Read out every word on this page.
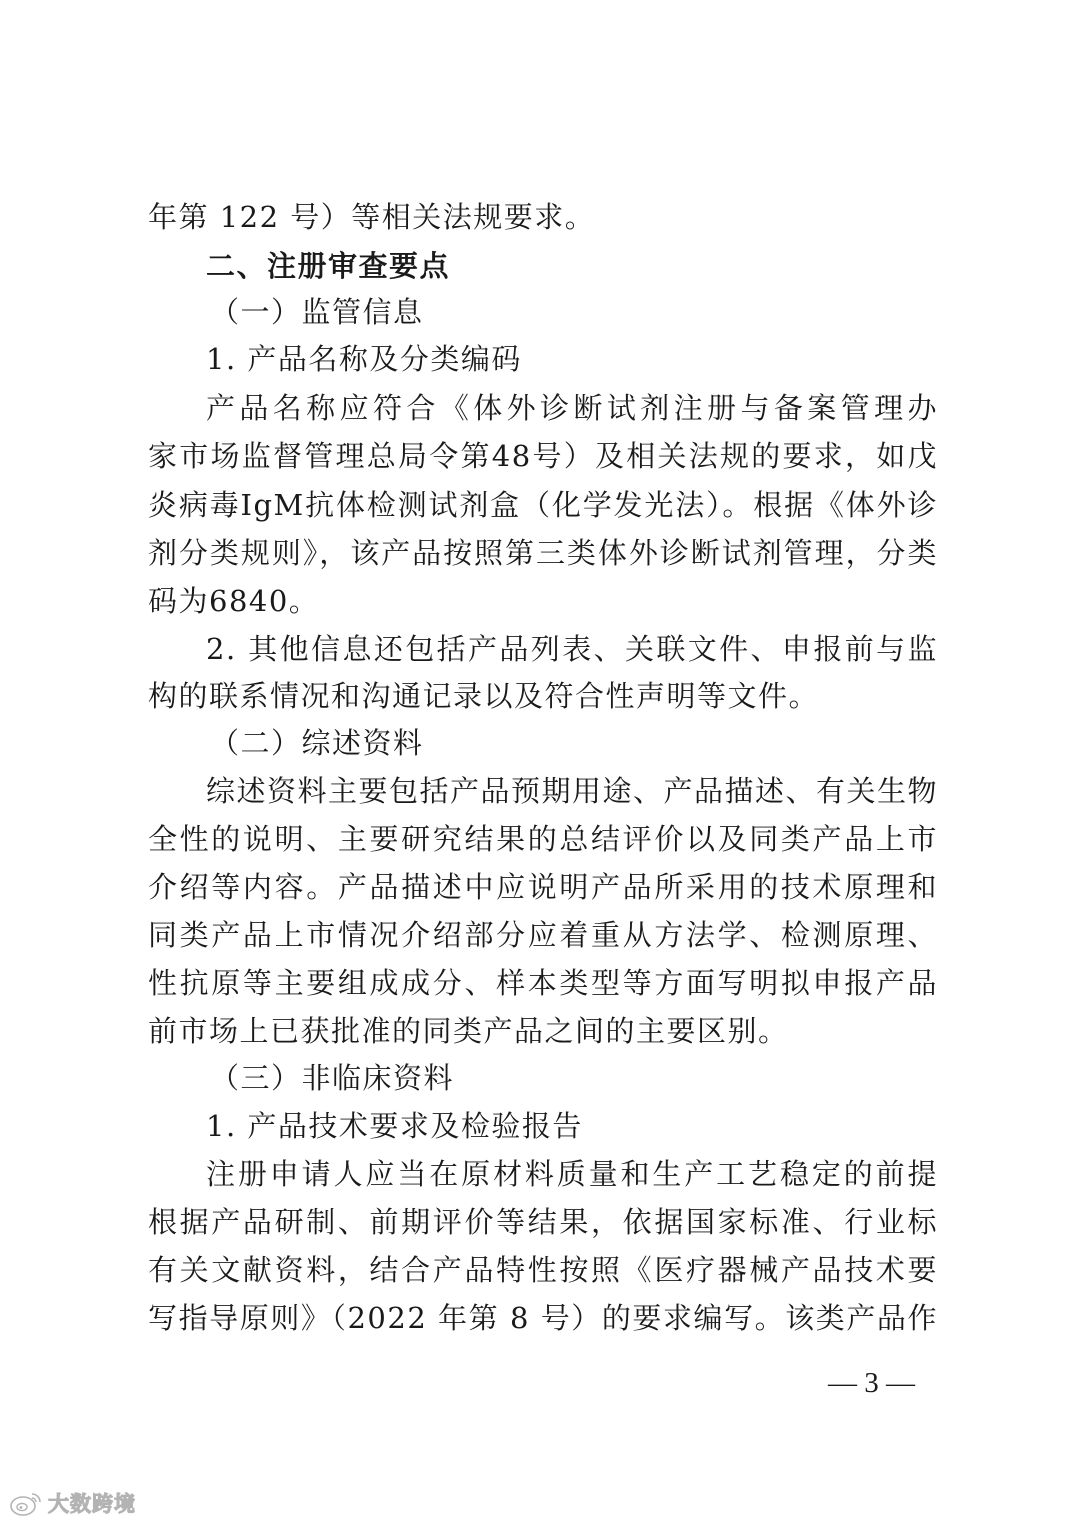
年第 122 号）等相关法规要求。
二、注册审查要点
（一）监管信息
1. 产品名称及分类编码
产品名称应符合《体外诊断试剂注册与备案管理办
家市场监督管理总局令第48号）及相关法规的要求，如戊
炎病毒IgM抗体检测试剂盒（化学发光法）。根据《体外诊
剂分类规则》，该产品按照第三类体外诊断试剂管理，分类
码为6840。
2. 其他信息还包括产品列表、关联文件、申报前与监
构的联系情况和沟通记录以及符合性声明等文件。
（二）综述资料
综述资料主要包括产品预期用途、产品描述、有关生物
全性的说明、主要研究结果的总结评价以及同类产品上市
介绍等内容。产品描述中应说明产品所采用的技术原理和
同类产品上市情况介绍部分应着重从方法学、检测原理、
性抗原等主要组成成分、样本类型等方面写明拟申报产品
前市场上已获批准的同类产品之间的主要区别。
（三）非临床资料
1. 产品技术要求及检验报告
注册申请人应当在原材料质量和生产工艺稳定的前提
根据产品研制、前期评价等结果，依据国家标准、行业标
有关文献资料，结合产品特性按照《医疗器械产品技术要
写指导原则》（2022 年第 8 号）的要求编写。该类产品作
— 3 —
大数跨境
